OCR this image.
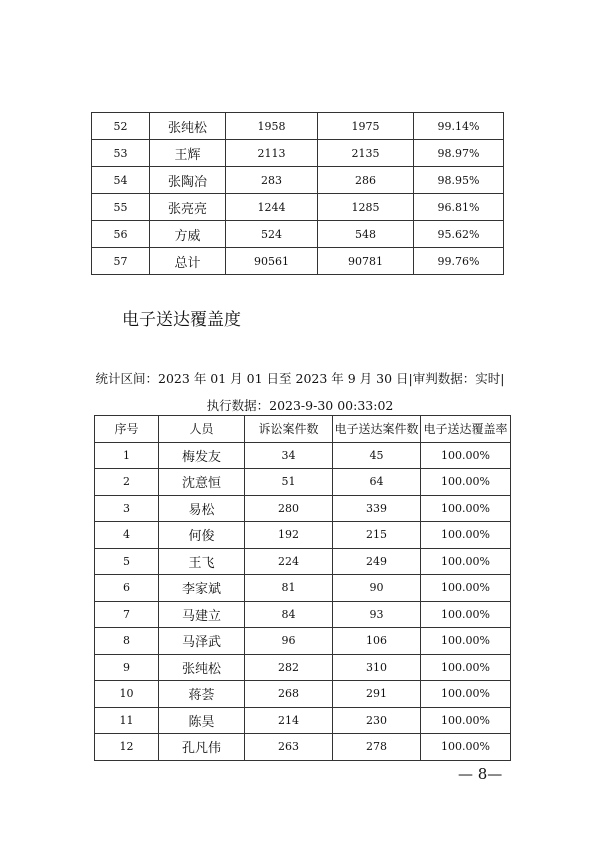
52	张纯松	1958	1975	99.14%
53	王辉	2113	2135	98.97%
54	张陶冶	283	286	98.95%
55	张亮亮	1244	1285	96.81%
56	方威	524	548	95.62%
57	总计	90561	90781	99.76%
电子送达覆盖度
统计区间：2023 年 01 月 01 日至 2023 年 9 月 30 日|审判数据：实时|
执行数据：2023-9-30 00:33:02
序号	人员	诉讼案件数	电子送达案件数	电子送达覆盖率
1	梅发友	34	45	100.00%
2	沈意恒	51	64	100.00%
3	易松	280	339	100.00%
4	何俊	192	215	100.00%
5	王飞	224	249	100.00%
6	李家斌	81	90	100.00%
7	马建立	84	93	100.00%
8	马泽武	96	106	100.00%
9	张纯松	282	310	100.00%
10	蒋荟	268	291	100.00%
11	陈昊	214	230	100.00%
12	孔凡伟	263	278	100.00%
— 8—
